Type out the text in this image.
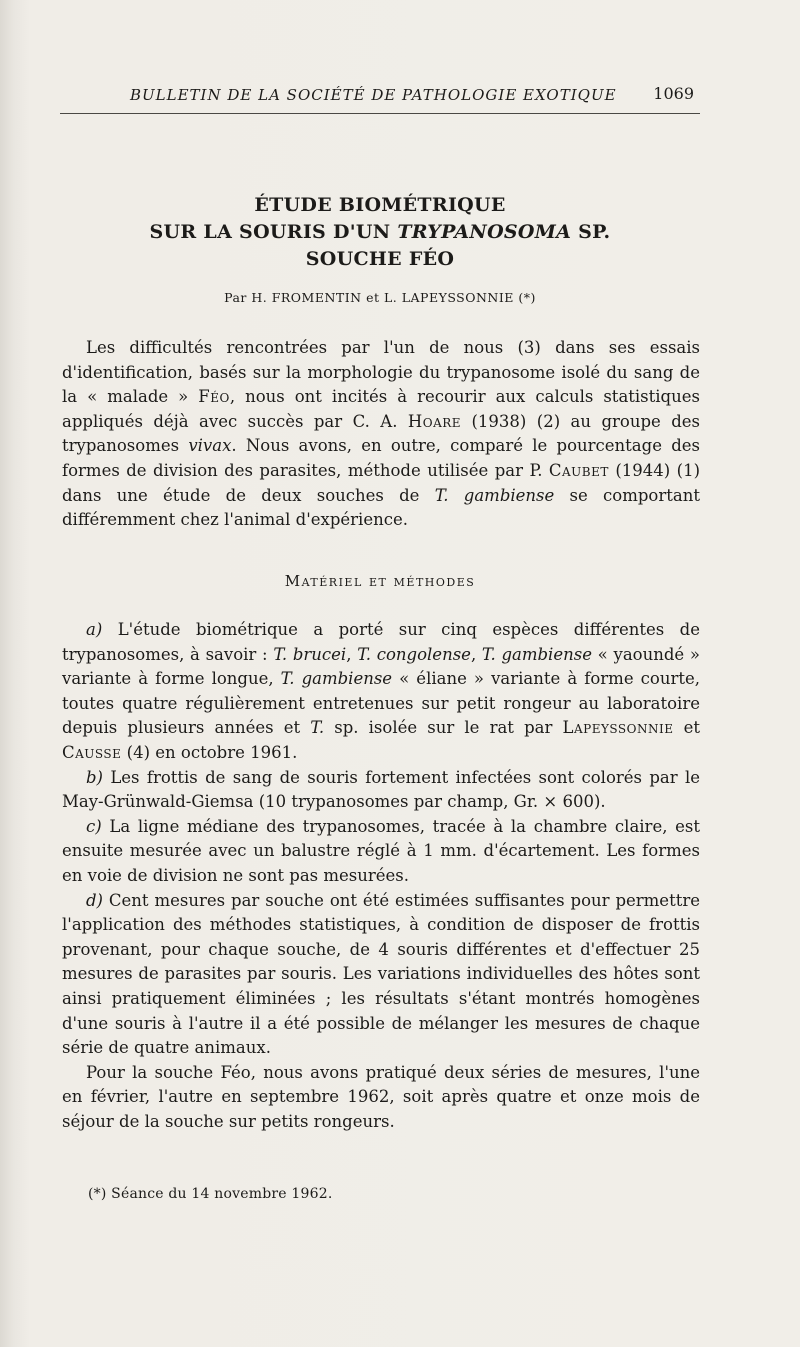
BULLETIN DE LA SOCIÉTÉ DE PATHOLOGIE EXOTIQUE 1069
ÉTUDE BIOMÉTRIQUE
SUR LA SOURIS D'UN TRYPANOSOMA SP.
SOUCHE FÉO
Par H. FROMENTIN et L. LAPEYSSONNIE (*)

Les difficultés rencontrées par l'un de nous (3) dans ses essais d'identification, basés sur la morphologie du trypanosome isolé du sang de la « malade » Féo, nous ont incités à recourir aux calculs statistiques appliqués déjà avec succès par C. A. Hoare (1938) (2) au groupe des trypanosomes vivax. Nous avons, en outre, comparé le pourcentage des formes de division des parasites, méthode utilisée par P. Caubet (1944) (1) dans une étude de deux souches de T. gambiense se comportant différemment chez l'animal d'expérience.

Matériel et méthodes

a) L'étude biométrique a porté sur cinq espèces différentes de trypanosomes, à savoir : T. brucei, T. congolense, T. gambiense « yaoundé » variante à forme longue, T. gambiense « éliane » variante à forme courte, toutes quatre régulièrement entretenues sur petit rongeur au laboratoire depuis plusieurs années et T. sp. isolée sur le rat par Lapeyssonnie et Causse (4) en octobre 1961.

b) Les frottis de sang de souris fortement infectées sont colorés par le May-Grünwald-Giemsa (10 trypanosomes par champ, Gr. × 600).

c) La ligne médiane des trypanosomes, tracée à la chambre claire, est ensuite mesurée avec un balustre réglé à 1 mm. d'écartement. Les formes en voie de division ne sont pas mesurées.

d) Cent mesures par souche ont été estimées suffisantes pour permettre l'application des méthodes statistiques, à condition de disposer de frottis provenant, pour chaque souche, de 4 souris différentes et d'effectuer 25 mesures de parasites par souris. Les variations individuelles des hôtes sont ainsi pratiquement éliminées ; les résultats s'étant montrés homogènes d'une souris à l'autre il a été possible de mélanger les mesures de chaque série de quatre animaux.

Pour la souche Féo, nous avons pratiqué deux séries de mesures, l'une en février, l'autre en septembre 1962, soit après quatre et onze mois de séjour de la souche sur petits rongeurs.

(*) Séance du 14 novembre 1962.
